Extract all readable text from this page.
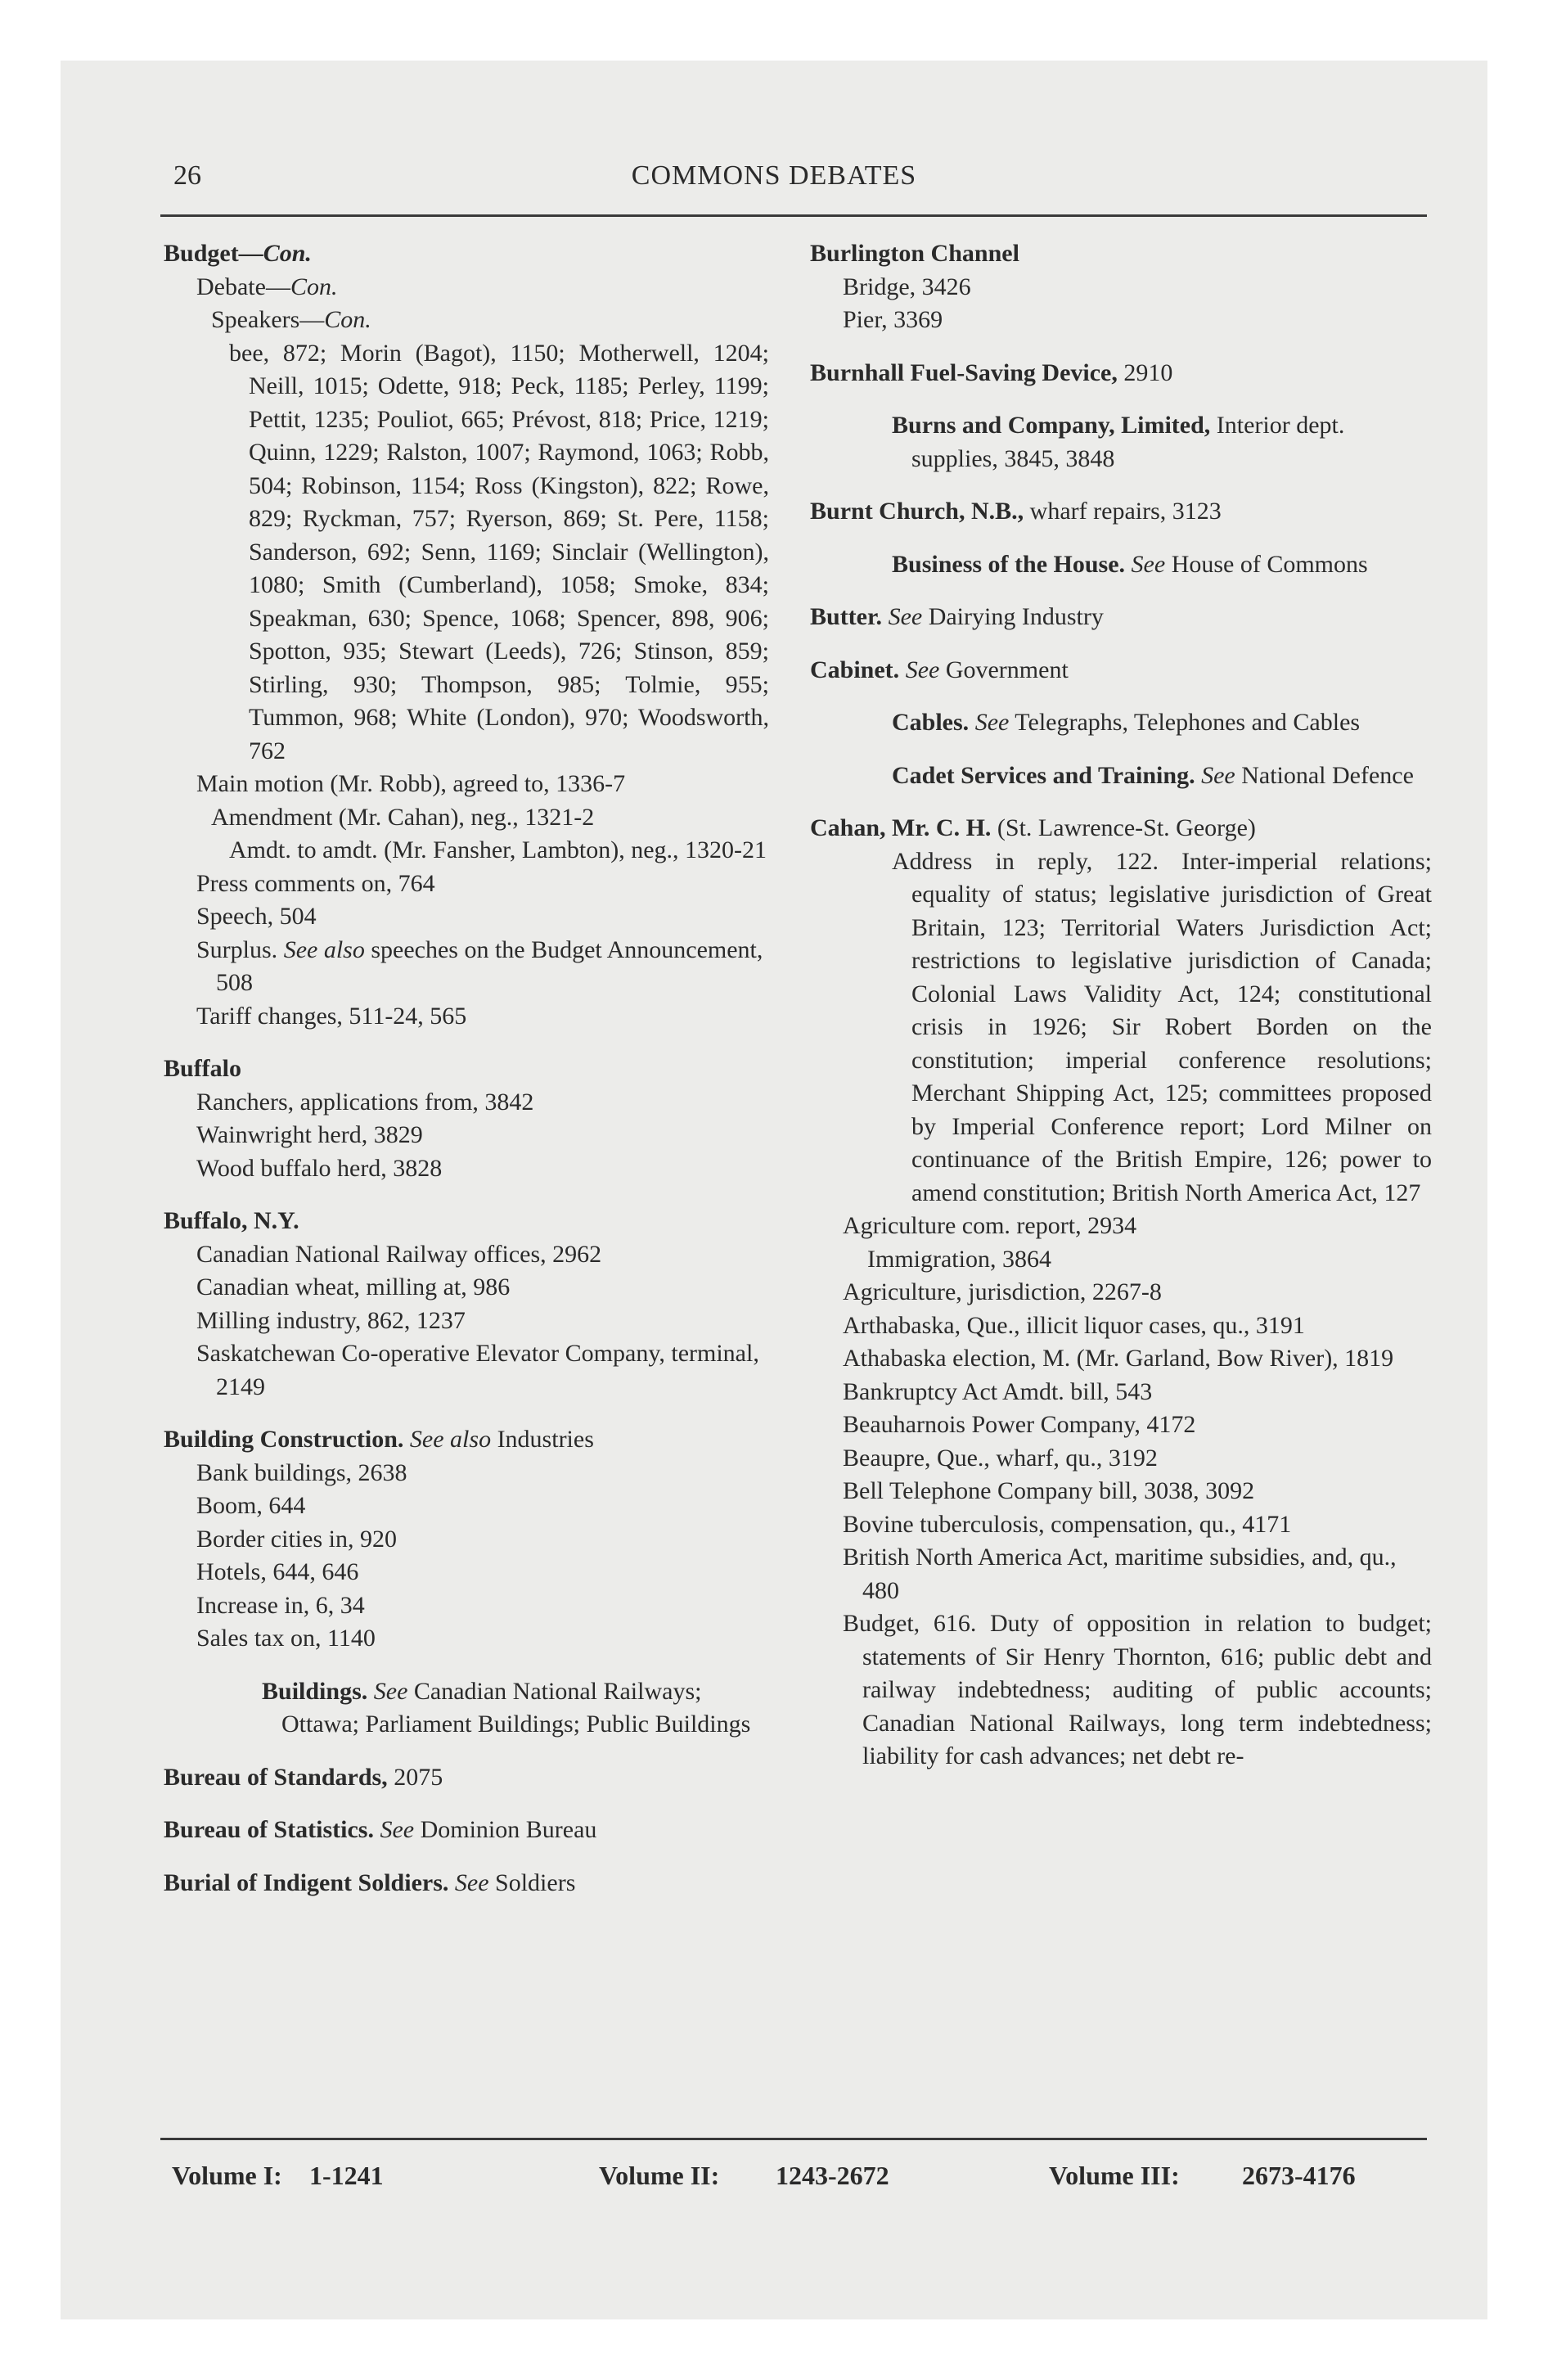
26	COMMONS DEBATES

Budget—Con.

Debate—Con.

Speakers—Con.

bee, 872; Morin (Bagot), 1150; Motherwell, 1204; Neill, 1015; Odette, 918; Peck, 1185; Perley, 1199; Pettit, 1235; Pouliot, 665; Prévost, 818; Price, 1219; Quinn, 1229; Ralston, 1007; Raymond, 1063; Robb, 504; Robinson, 1154; Ross (Kingston), 822; Rowe, 829; Ryckman, 757; Ryerson, 869; St. Pere, 1158; Sanderson, 692; Senn, 1169; Sinclair (Wellington), 1080; Smith (Cumberland), 1058; Smoke, 834; Speakman, 630; Spence, 1068; Spencer, 898, 906; Spotton, 935; Stewart (Leeds), 726; Stinson, 859; Stirling, 930; Thompson, 985; Tolmie, 955; Tummon, 968; White (London), 970; Woodsworth, 762

Main motion (Mr. Robb), agreed to, 1336-7

Amendment (Mr. Cahan), neg., 1321-2

Amdt. to amdt. (Mr. Fansher, Lambton), neg., 1320-21

Press comments on, 764

Speech, 504

Surplus. See also speeches on the Budget Announcement, 508

Tariff changes, 511-24, 565

Buffalo

Ranchers, applications from, 3842

Wainwright herd, 3829

Wood buffalo herd, 3828

Buffalo, N.Y.

Canadian National Railway offices, 2962

Canadian wheat, milling at, 986

Milling industry, 862, 1237

Saskatchewan Co-operative Elevator Company, terminal, 2149

Building Construction. See also Industries

Bank buildings, 2638

Boom, 644

Border cities in, 920

Hotels, 644, 646

Increase in, 6, 34

Sales tax on, 1140

Buildings. See Canadian National Railways; Ottawa; Parliament Buildings; Public Buildings

Bureau of Standards, 2075

Bureau of Statistics. See Dominion Bureau

Burial of Indigent Soldiers. See Soldiers

Burlington Channel

Bridge, 3426

Pier, 3369

Burnhall Fuel-Saving Device, 2910

Burns and Company, Limited, Interior dept. supplies, 3845, 3848

Burnt Church, N.B., wharf repairs, 3123

Business of the House. See House of Commons

Butter. See Dairying Industry

Cabinet. See Government

Cables. See Telegraphs, Telephones and Cables

Cadet Services and Training. See National Defence

Cahan, Mr. C. H. (St. Lawrence-St. George)

Address in reply, 122. Inter-imperial relations; equality of status; legislative jurisdiction of Great Britain, 123; Territorial Waters Jurisdiction Act; restrictions to legislative jurisdiction of Canada; Colonial Laws Validity Act, 124; constitutional crisis in 1926; Sir Robert Borden on the constitution; imperial conference resolutions; Merchant Shipping Act, 125; committees proposed by Imperial Conference report; Lord Milner on continuance of the British Empire, 126; power to amend constitution; British North America Act, 127

Agriculture com. report, 2934

Immigration, 3864

Agriculture, jurisdiction, 2267-8

Arthabaska, Que., illicit liquor cases, qu., 3191

Athabaska election, M. (Mr. Garland, Bow River), 1819

Bankruptcy Act Amdt. bill, 543

Beauharnois Power Company, 4172

Beaupre, Que., wharf, qu., 3192

Bell Telephone Company bill, 3038, 3092

Bovine tuberculosis, compensation, qu., 4171

British North America Act, maritime subsidies, and, qu., 480

Budget, 616. Duty of opposition in relation to budget; statements of Sir Henry Thornton, 616; public debt and railway indebtedness; auditing of public accounts; Canadian National Railways, long term indebtedness; liability for cash advances; net debt re-

Volume I: 1-1241	Volume II: 1243-2672	Volume III: 2673-4176
